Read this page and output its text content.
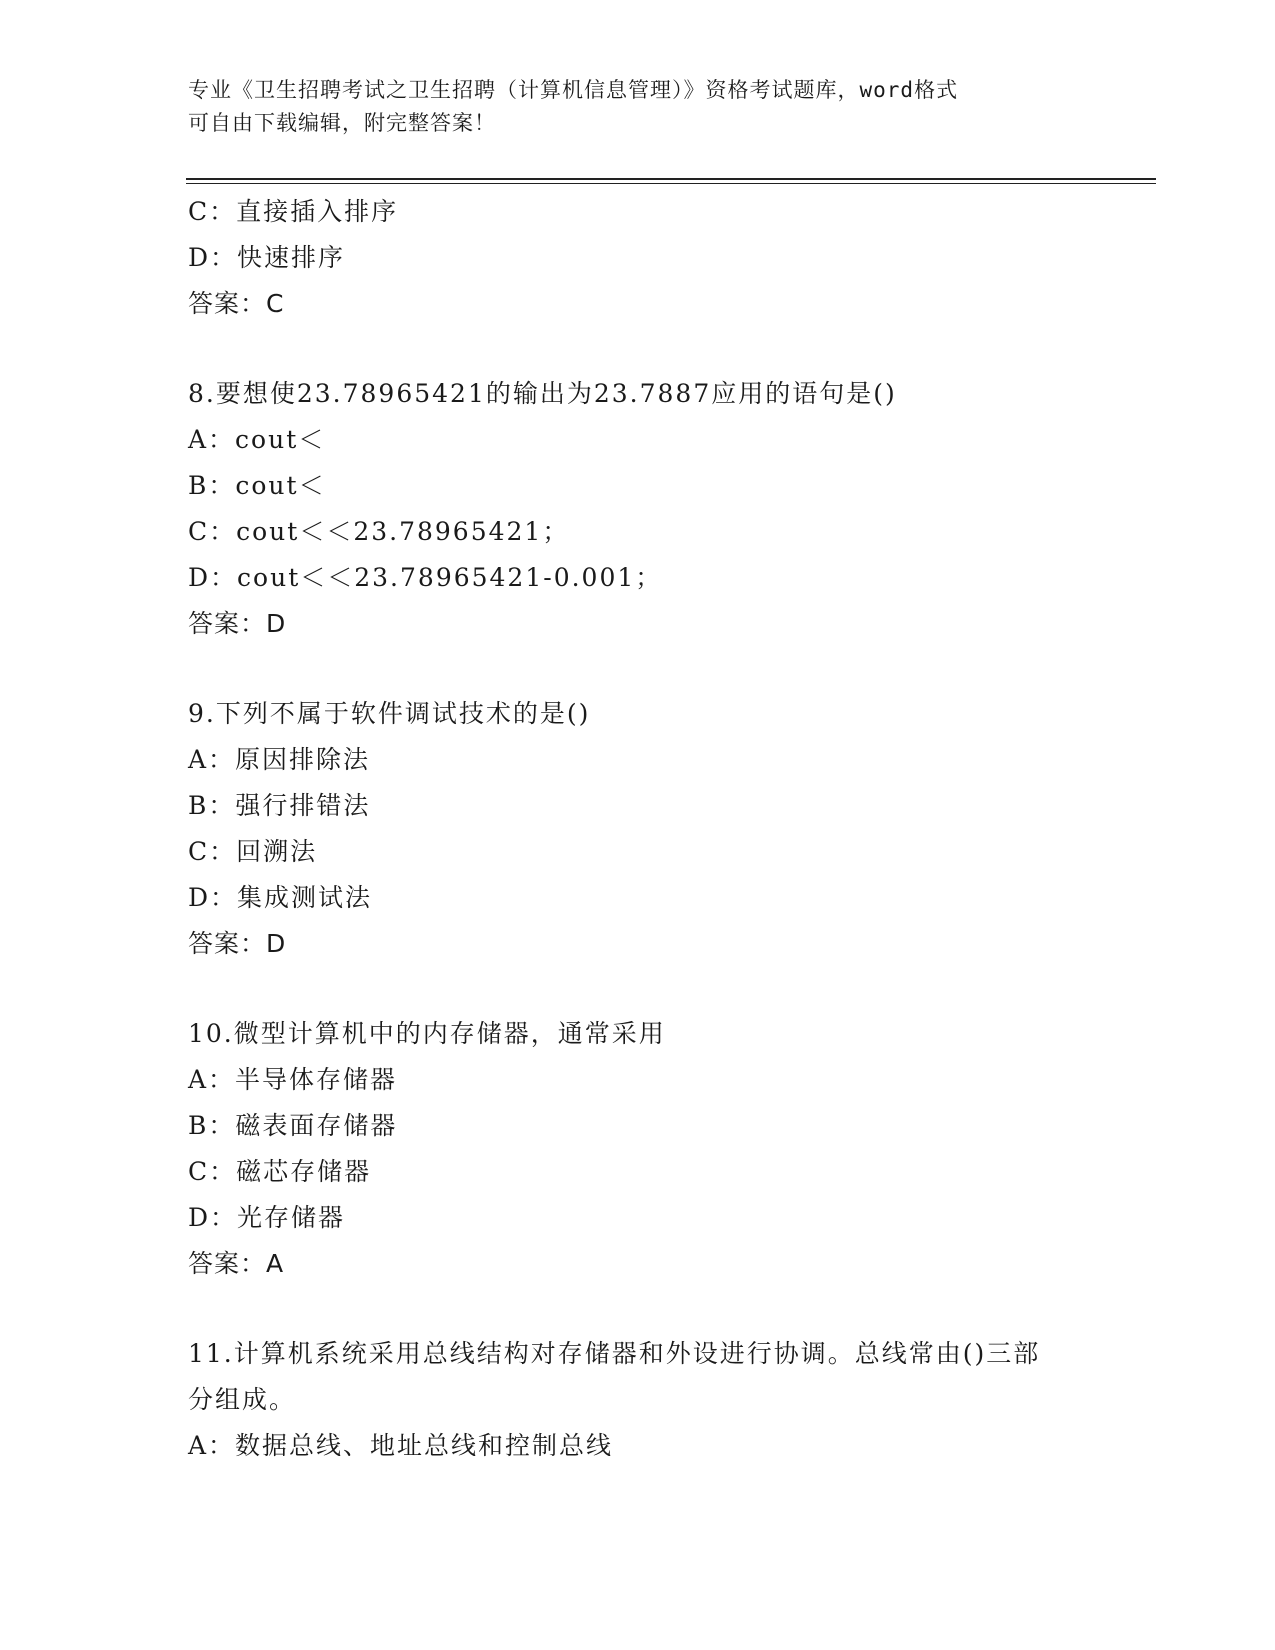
专业《卫生招聘考试之卫生招聘（计算机信息管理）》资格考试题库，word格式
可自由下载编辑，附完整答案！
C：直接插入排序
D：快速排序
答案：C
8.要想使23.78965421的输出为23.7887应用的语句是()
A：cout＜
B：cout＜
C：cout＜＜23.78965421；
D：cout＜＜23.78965421-0.001；
答案：D
9.下列不属于软件调试技术的是()
A：原因排除法
B：强行排错法
C：回溯法
D：集成测试法
答案：D
10.微型计算机中的内存储器，通常采用
A：半导体存储器
B：磁表面存储器
C：磁芯存储器
D：光存储器
答案：A
11.计算机系统采用总线结构对存储器和外设进行协调。总线常由()三部分组成。
A：数据总线、地址总线和控制总线
